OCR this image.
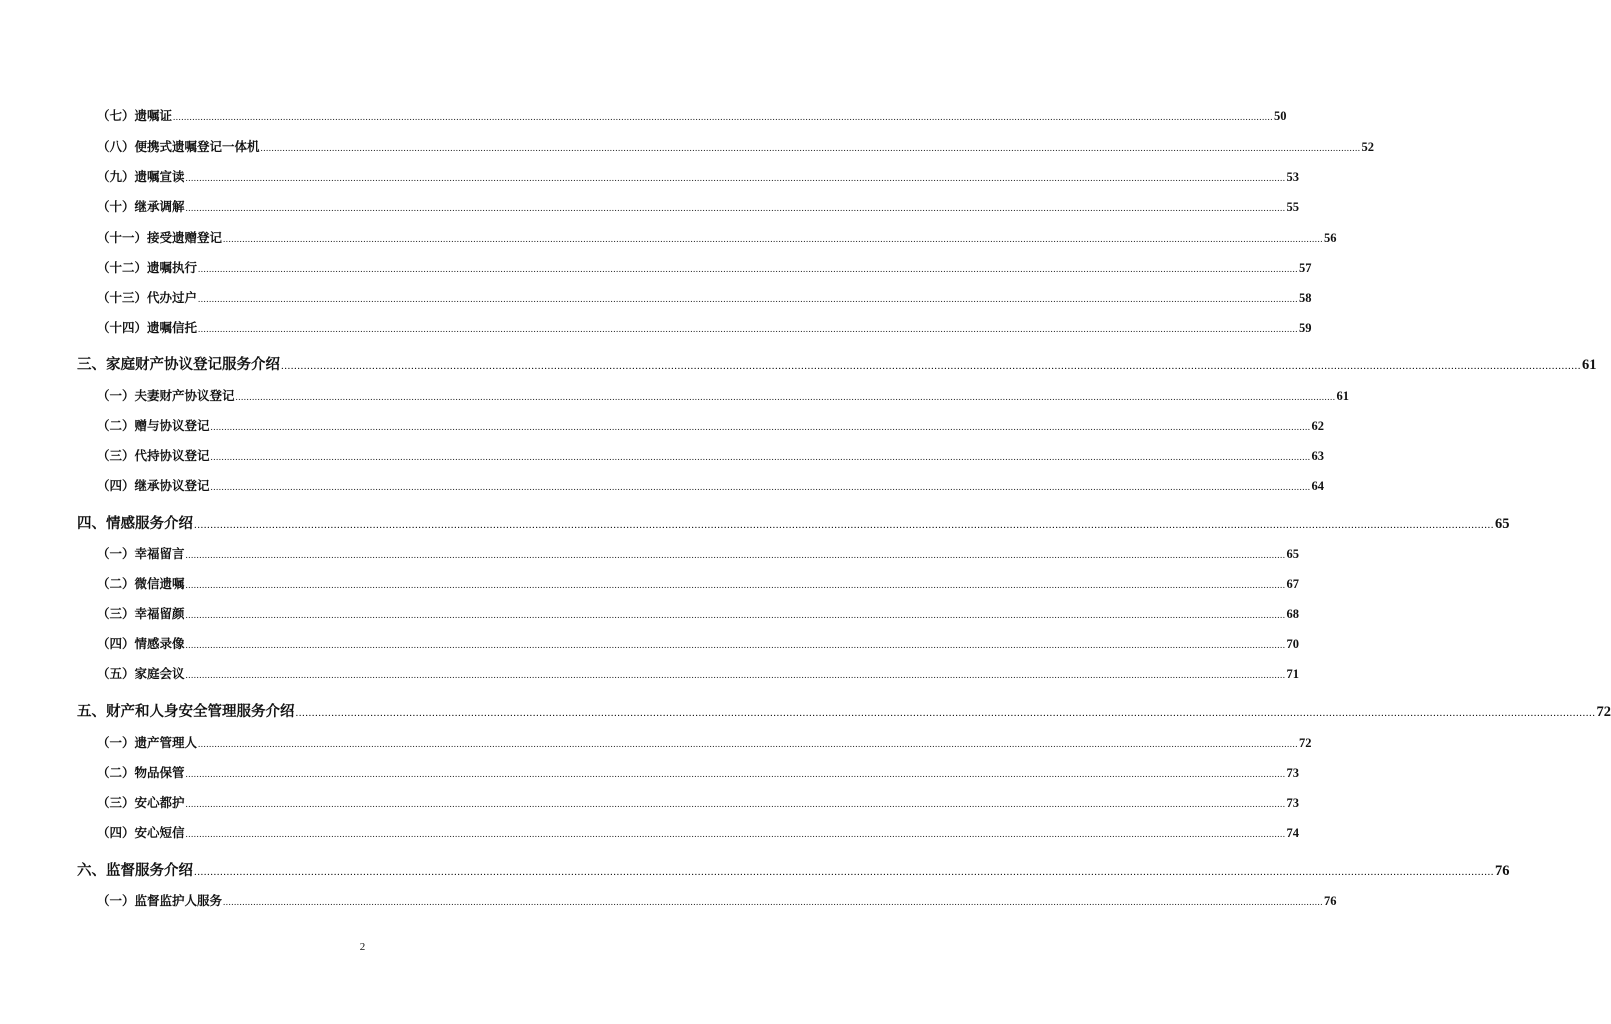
（七）遗嘱证 ................................................................................................................................................................................................................................................................................................................................................................................................................ 50
（八）便携式遗嘱登记一体机 ................................................................................................................................................................................................................................................................................................................................................................................................................ 52
（九）遗嘱宣读 ................................................................................................................................................................................................................................................................................................................................................................................................................ 53
（十）继承调解 ................................................................................................................................................................................................................................................................................................................................................................................................................ 55
（十一）接受遗赠登记 ................................................................................................................................................................................................................................................................................................................................................................................................................ 56
（十二）遗嘱执行 ................................................................................................................................................................................................................................................................................................................................................................................................................ 57
（十三）代办过户 ................................................................................................................................................................................................................................................................................................................................................................................................................ 58
（十四）遗嘱信托 ................................................................................................................................................................................................................................................................................................................................................................................................................ 59
三、家庭财产协议登记服务介绍 ................................................................................................................................................................................................................................................................................................................................................................................................................ 61
（一）夫妻财产协议登记 ................................................................................................................................................................................................................................................................................................................................................................................................................ 61
（二）赠与协议登记 ................................................................................................................................................................................................................................................................................................................................................................................................................ 62
（三）代持协议登记 ................................................................................................................................................................................................................................................................................................................................................................................................................ 63
（四）继承协议登记 ................................................................................................................................................................................................................................................................................................................................................................................................................ 64
四、情感服务介绍 ................................................................................................................................................................................................................................................................................................................................................................................................................ 65
（一）幸福留言 ................................................................................................................................................................................................................................................................................................................................................................................................................ 65
（二）微信遗嘱 ................................................................................................................................................................................................................................................................................................................................................................................................................ 67
（三）幸福留颜 ................................................................................................................................................................................................................................................................................................................................................................................................................ 68
（四）情感录像 ................................................................................................................................................................................................................................................................................................................................................................................................................ 70
（五）家庭会议 ................................................................................................................................................................................................................................................................................................................................................................................................................ 71
五、财产和人身安全管理服务介绍 ................................................................................................................................................................................................................................................................................................................................................................................................................ 72
（一）遗产管理人 ................................................................................................................................................................................................................................................................................................................................................................................................................ 72
（二）物品保管 ................................................................................................................................................................................................................................................................................................................................................................................................................ 73
（三）安心都护 ................................................................................................................................................................................................................................................................................................................................................................................................................ 73
（四）安心短信 ................................................................................................................................................................................................................................................................................................................................................................................................................ 74
六、监督服务介绍 ................................................................................................................................................................................................................................................................................................................................................................................................................ 76
（一）监督监护人服务 ................................................................................................................................................................................................................................................................................................................................................................................................................ 76
2
